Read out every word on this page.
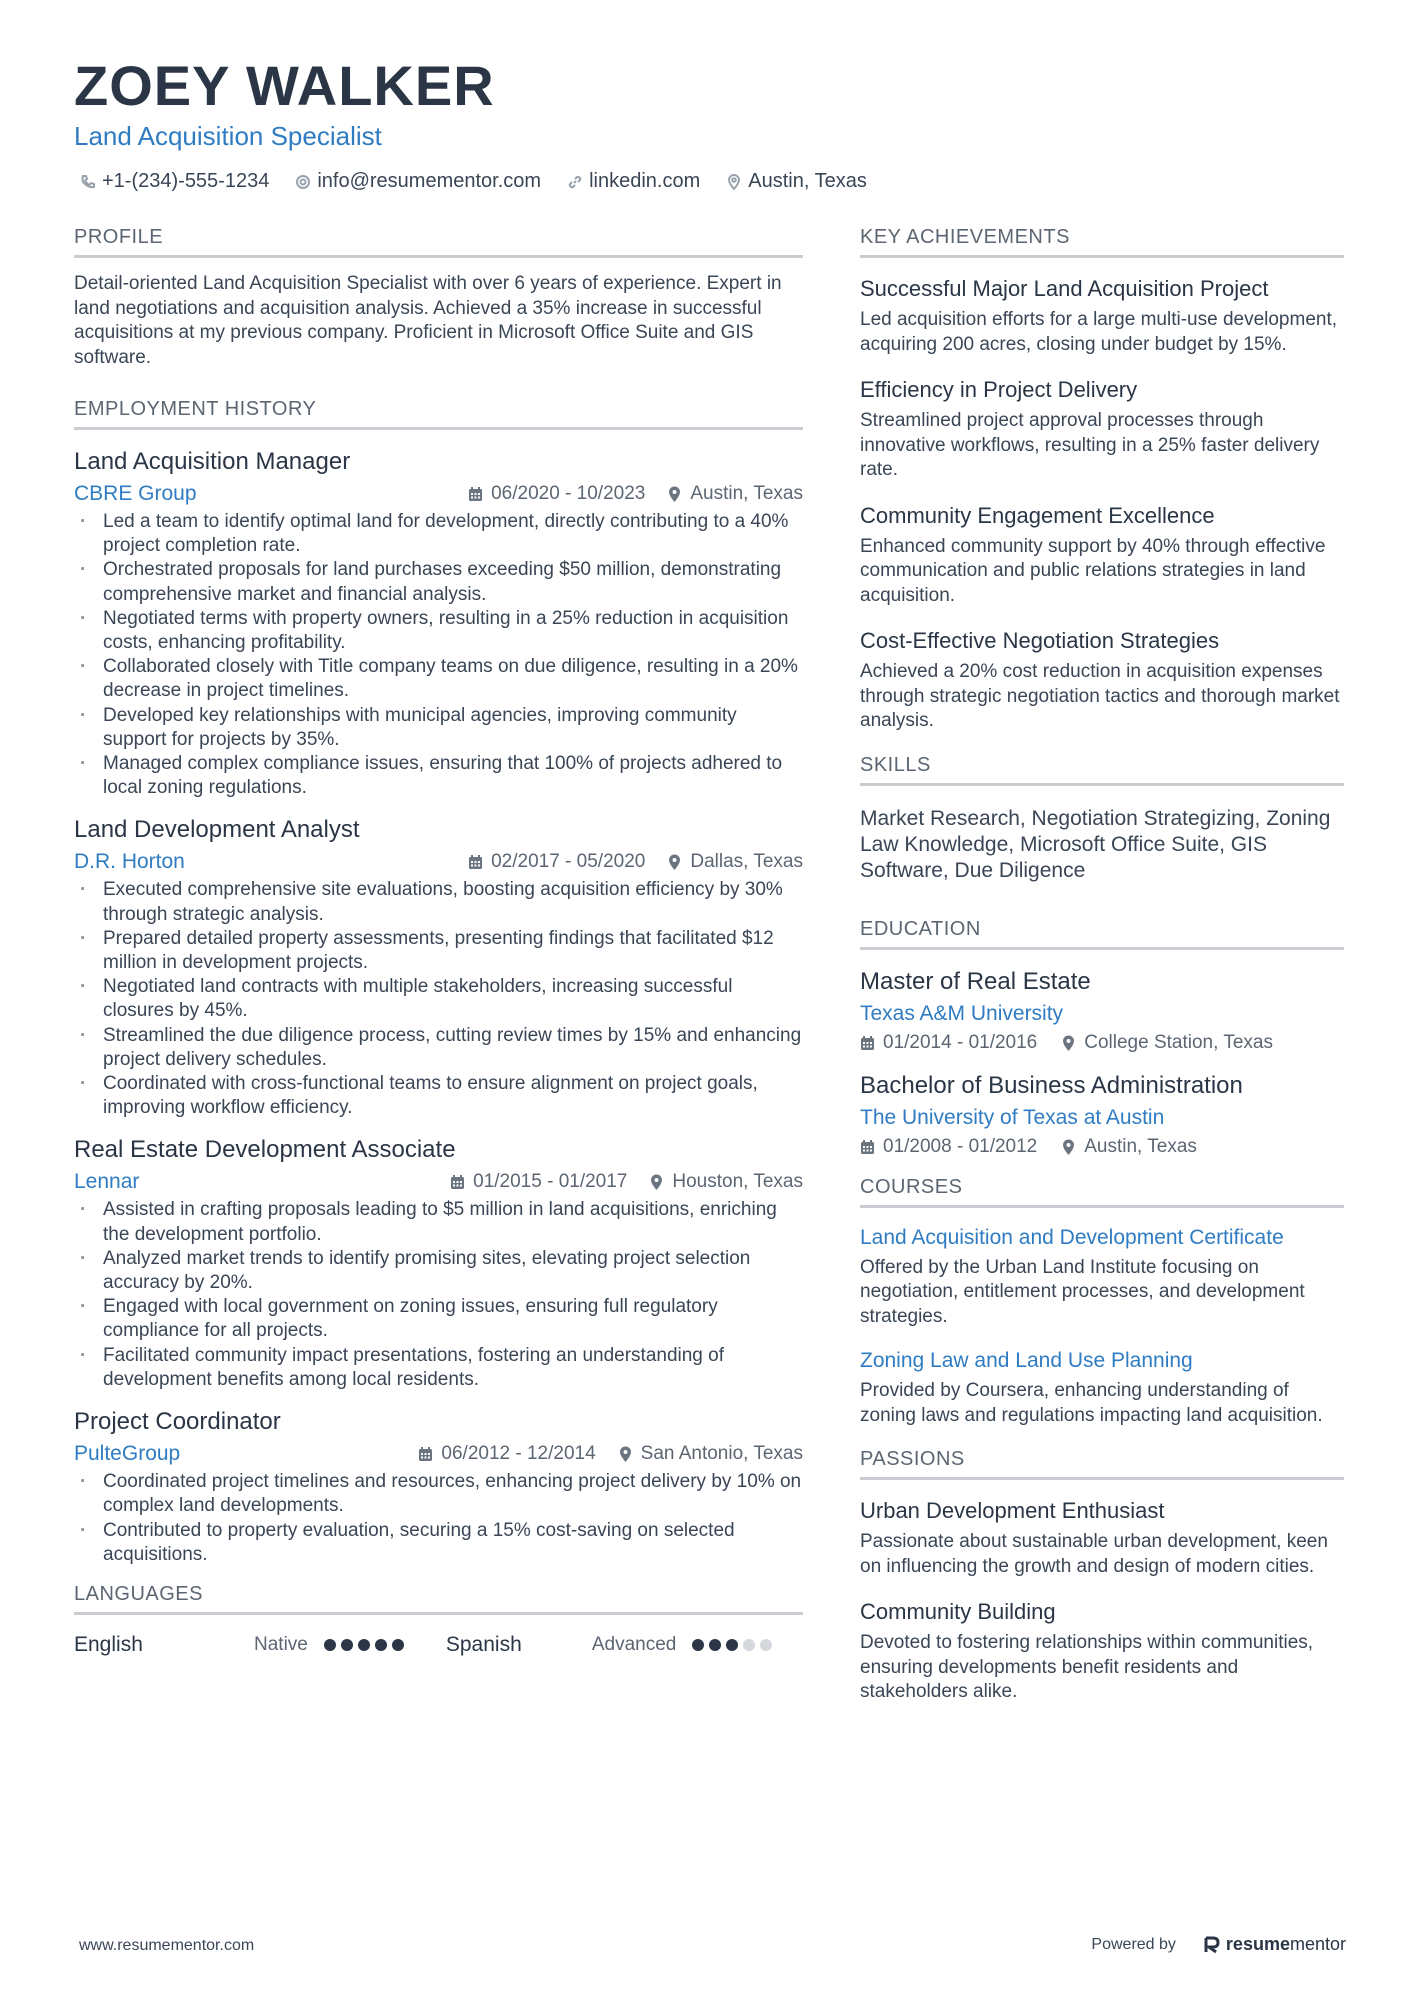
ZOEY WALKER
Land Acquisition Specialist
+1-(234)-555-1234 info@resumementor.com linkedin.com Austin, Texas
PROFILE

Detail-oriented Land Acquisition Specialist with over 6 years of experience. Expert in land negotiations and acquisition analysis. Achieved a 35% increase in successful acquisitions at my previous company. Proficient in Microsoft Office Suite and GIS software.

EMPLOYMENT HISTORY
Land Acquisition Manager
CBRE Group	06/2020 - 10/2023 Austin, Texas
· Led a team to identify optimal land for development, directly contributing to a 40% project completion rate.
· Orchestrated proposals for land purchases exceeding $50 million, demonstrating comprehensive market and financial analysis.
· Negotiated terms with property owners, resulting in a 25% reduction in acquisition costs, enhancing profitability.
· Collaborated closely with Title company teams on due diligence, resulting in a 20% decrease in project timelines.
· Developed key relationships with municipal agencies, improving community support for projects by 35%.
· Managed complex compliance issues, ensuring that 100% of projects adhered to local zoning regulations.
Land Development Analyst
D.R. Horton	02/2017 - 05/2020 Dallas, Texas
· Executed comprehensive site evaluations, boosting acquisition efficiency by 30% through strategic analysis.
· Prepared detailed property assessments, presenting findings that facilitated $12 million in development projects.
· Negotiated land contracts with multiple stakeholders, increasing successful closures by 45%.
· Streamlined the due diligence process, cutting review times by 15% and enhancing project delivery schedules.
· Coordinated with cross-functional teams to ensure alignment on project goals, improving workflow efficiency.
Real Estate Development Associate
Lennar	01/2015 - 01/2017 Houston, Texas
· Assisted in crafting proposals leading to $5 million in land acquisitions, enriching the development portfolio.
· Analyzed market trends to identify promising sites, elevating project selection accuracy by 20%.
· Engaged with local government on zoning issues, ensuring full regulatory compliance for all projects.
· Facilitated community impact presentations, fostering an understanding of development benefits among local residents.
Project Coordinator
PulteGroup	06/2012 - 12/2014 San Antonio, Texas
· Coordinated project timelines and resources, enhancing project delivery by 10% on complex land developments.
· Contributed to property evaluation, securing a 15% cost-saving on selected acquisitions.
LANGUAGES
English	Native	Spanish	Advanced
KEY ACHIEVEMENTS
Successful Major Land Acquisition Project

Led acquisition efforts for a large multi-use development, acquiring 200 acres, closing under budget by 15%.

Efficiency in Project Delivery

Streamlined project approval processes through innovative workflows, resulting in a 25% faster delivery rate.

Community Engagement Excellence

Enhanced community support by 40% through effective communication and public relations strategies in land acquisition.

Cost-Effective Negotiation Strategies

Achieved a 20% cost reduction in acquisition expenses through strategic negotiation tactics and thorough market analysis.

SKILLS

Market Research, Negotiation Strategizing, Zoning Law Knowledge, Microsoft Office Suite, GIS Software, Due Diligence

EDUCATION
Master of Real Estate
Texas A&M University
01/2014 - 01/2016 College Station, Texas
Bachelor of Business Administration
The University of Texas at Austin
01/2008 - 01/2012 Austin, Texas
COURSES
Land Acquisition and Development Certificate

Offered by the Urban Land Institute focusing on negotiation, entitlement processes, and development strategies.

Zoning Law and Land Use Planning

Provided by Coursera, enhancing understanding of zoning laws and regulations impacting land acquisition.

PASSIONS
Urban Development Enthusiast

Passionate about sustainable urban development, keen on influencing the growth and design of modern cities.

Community Building

Devoted to fostering relationships within communities, ensuring developments benefit residents and stakeholders alike.

www.resumementor.com	Powered by	resumementor
